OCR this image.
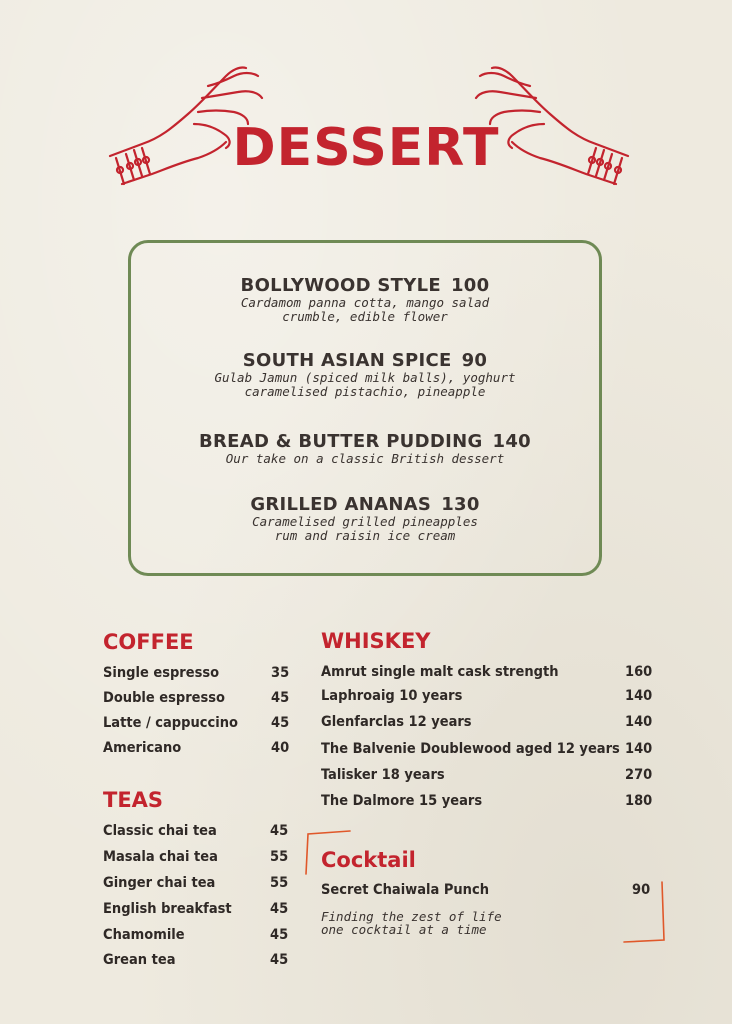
DESSERT
BOLLYWOOD STYLE 100
Cardamom panna cotta, mango salad
crumble, edible flower
SOUTH ASIAN SPICE 90
Gulab Jamun (spiced milk balls), yoghurt
caramelised pistachio, pineapple
BREAD & BUTTER PUDDING 140
Our take on a classic British dessert
GRILLED ANANAS 130
Caramelised grilled pineapples
rum and raisin ice cream
COFFEE
Single espresso	35
Double espresso	45
Latte / cappuccino 45
Americano	40
TEAS
Classic chai tea	45
Masala chai tea	55
Ginger chai tea	55
English breakfast	45
Chamomile	45
Grean tea	45
WHISKEY
Amrut single malt cask strength	160
Laphroaig 10 years	140
Glenfarclas 12 years	140
The Balvenie Doublewood aged 12 years 140
Talisker 18 years	270
The Dalmore 15 years	180
Cocktail
Secret Chaiwala Punch	90
Finding the zest of life
one cocktail at a time
